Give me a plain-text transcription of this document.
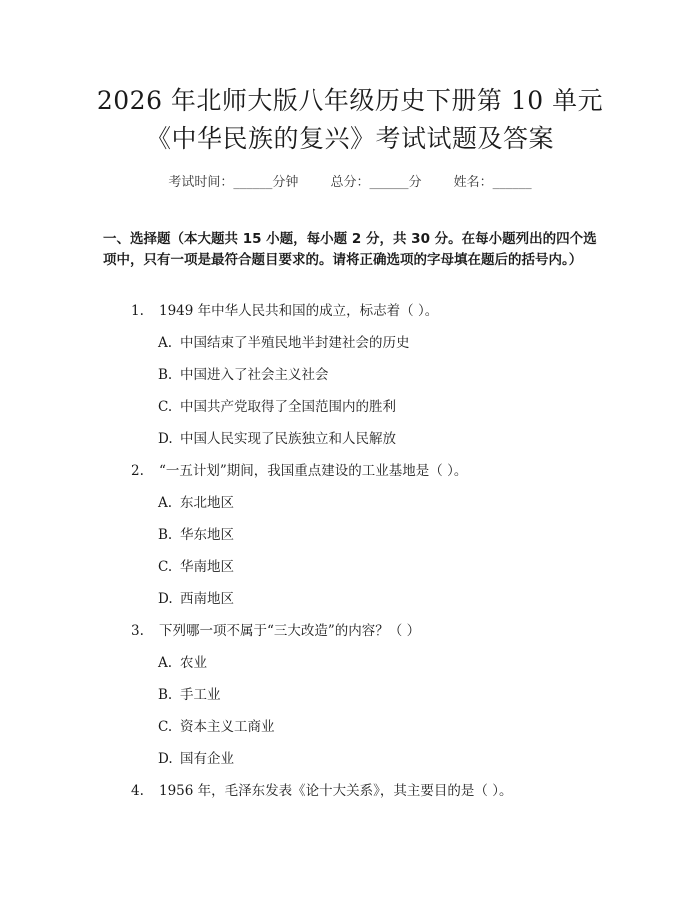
2026 年北师大版八年级历史下册第 10 单元
《中华民族的复兴》考试试题及答案
考试时间：______分钟 总分：______分 姓名：______
一、选择题（本大题共 15 小题，每小题 2 分，共 30 分。在每小题列出的四个选项中，只有一项是最符合题目要求的。请将正确选项的字母填在题后的括号内。）
1. 1949 年中华人民共和国的成立，标志着（ ）。
A. 中国结束了半殖民地半封建社会的历史
B. 中国进入了社会主义社会
C. 中国共产党取得了全国范围内的胜利
D. 中国人民实现了民族独立和人民解放
2. “一五计划”期间，我国重点建设的工业基地是（ ）。
A. 东北地区
B. 华东地区
C. 华南地区
D. 西南地区
3. 下列哪一项不属于“三大改造”的内容？（ ）
A. 农业
B. 手工业
C. 资本主义工商业
D. 国有企业
4. 1956 年，毛泽东发表《论十大关系》，其主要目的是（ ）。
